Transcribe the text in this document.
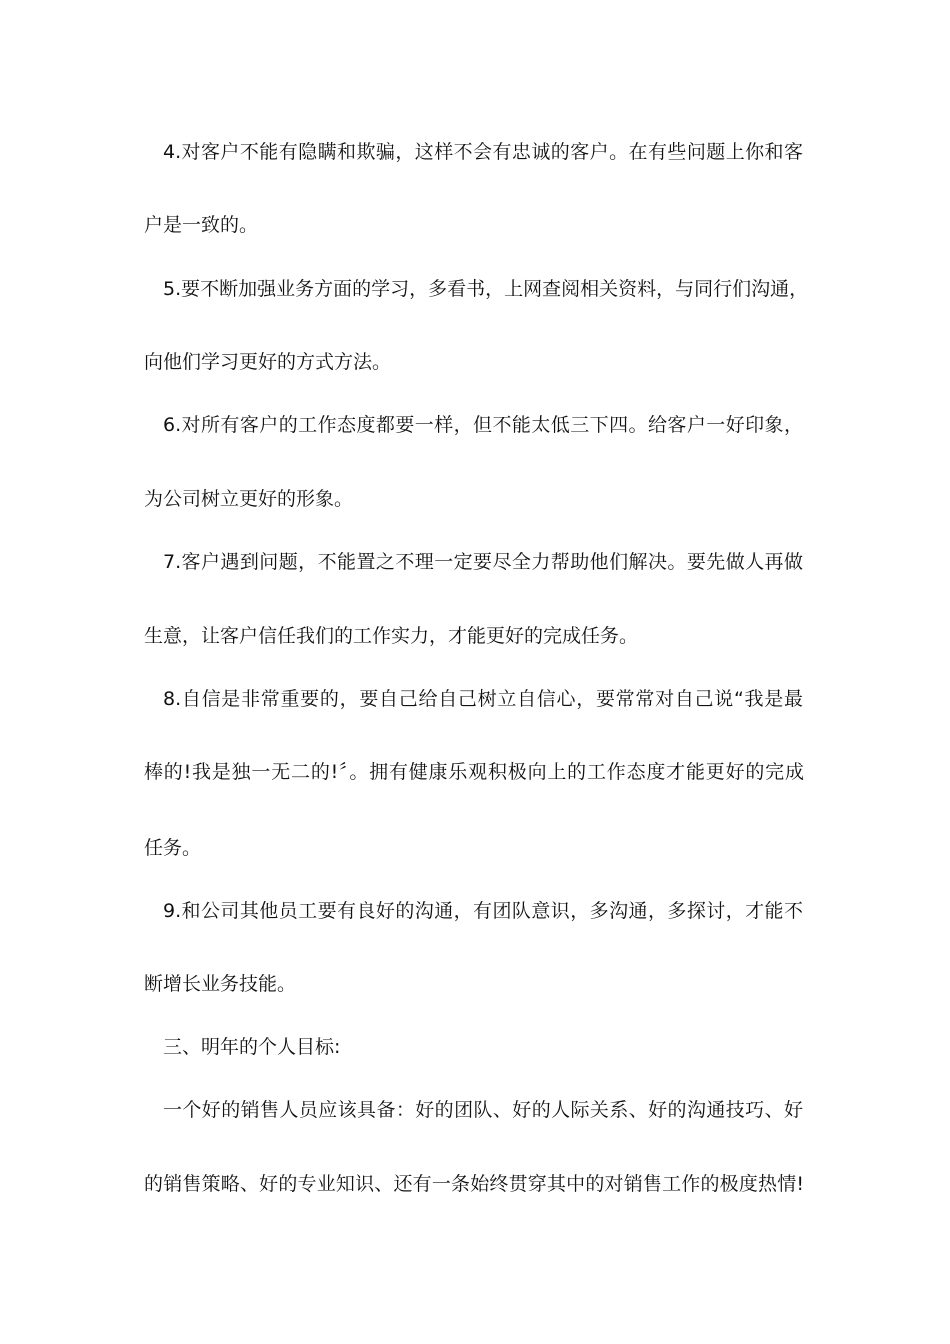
4.对客户不能有隐瞒和欺骗，这样不会有忠诚的客户。在有些问题上你和客
户是一致的。
5.要不断加强业务方面的学习，多看书，上网查阅相关资料，与同行们沟通，
向他们学习更好的方式方法。
6.对所有客户的工作态度都要一样，但不能太低三下四。给客户一好印象，
为公司树立更好的形象。
7.客户遇到问题，不能置之不理一定要尽全力帮助他们解决。要先做人再做
生意，让客户信任我们的工作实力，才能更好的完成任务。
8.自信是非常重要的，要自己给自己树立自信心，要常常对自己说“我是最
棒的!我是独一无二的!〞。拥有健康乐观积极向上的工作态度才能更好的完成
任务。
9.和公司其他员工要有良好的沟通，有团队意识，多沟通，多探讨，才能不
断增长业务技能。
三、明年的个人目标:
一个好的销售人员应该具备：好的团队、好的人际关系、好的沟通技巧、好
的销售策略、好的专业知识、还有一条始终贯穿其中的对销售工作的极度热情!
